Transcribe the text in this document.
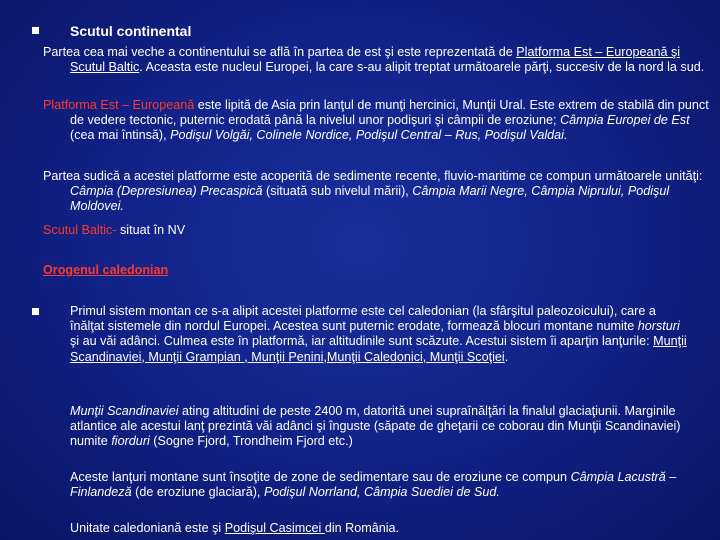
Scutul continental

Partea cea mai veche a continentului se află în partea de est şi este reprezentată de Platforma Est – Europeană şi Scutul Baltic. Aceasta este nucleul Europei, la care s-au alipit treptat următoarele părţi, succesiv de la nord la sud.

Platforma Est – Europeană este lipită de Asia prin lanţul de munţi hercinici, Munţii Ural. Este extrem de stabilă din punct de vedere tectonic, puternic erodată până la nivelul unor podişuri şi câmpii de eroziune; Câmpia Europei de Est (cea mai întinsă), Podişul Volgăi, Colinele Nordice, Podişul Central – Rus, Podişul Valdai.

Partea sudică a acestei platforme este acoperită de sedimente recente, fluvio-maritime ce compun următoarele unităţi: Câmpia (Depresiunea) Precaspică (situată sub nivelul mării), Câmpia Marii Negre, Câmpia Niprului, Podişul Moldovei.

Scutul Baltic- situat în NV

Orogenul caledonian

Primul sistem montan ce s-a alipit acestei platforme este cel caledonian (la sfârşitul paleozoicului), care a înălţat sistemele din nordul Europei. Acestea sunt puternic erodate, formează blocuri montane numite horsturi şi au văi adânci. Culmea este în platformă, iar altitudinile sunt scăzute. Acestui sistem îi aparţin lanţurile: Munţii Scandinaviei, Munţii Grampian , Munţii Penini,Munţii Caledonici, Munţii Scoţiei.

Munţii Scandinaviei ating altitudini de peste 2400 m, datorită unei supraînălţări la finalul glaciaţiunii. Marginile atlantice ale acestui lanţ prezintă văi adânci şi înguste (săpate de gheţarii ce coborau din Munţii Scandinaviei) numite fiorduri (Sogne Fjord, Trondheim Fjord etc.)

Aceste lanţuri montane sunt însoţite de zone de sedimentare sau de eroziune ce compun Câmpia Lacustră – Finlandeză (de eroziune glaciară), Podişul Norrland, Câmpia Suediei de Sud.

Unitate caledoniană este şi Podişul Casimcei din România.
